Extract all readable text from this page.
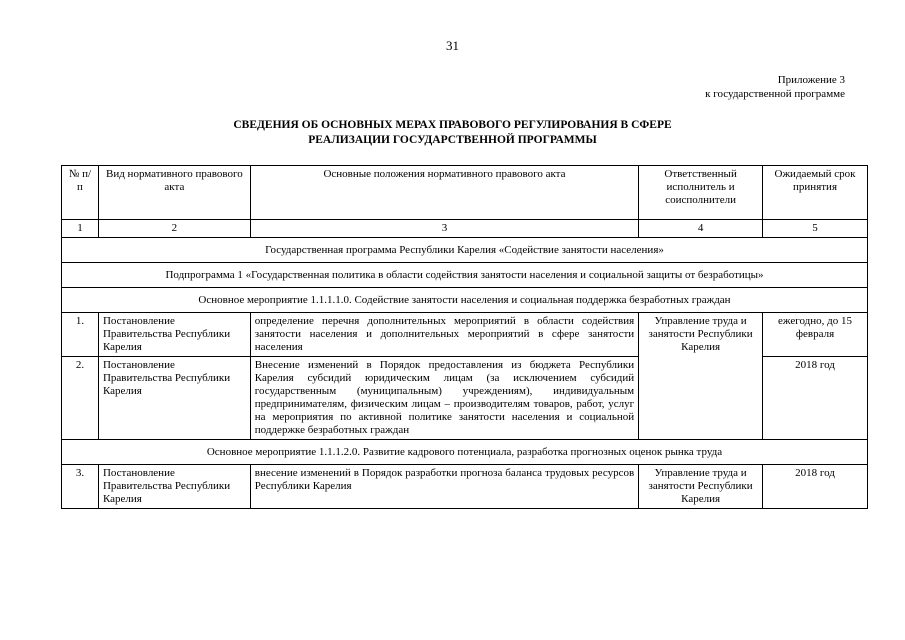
31
Приложение 3
к государственной программе
СВЕДЕНИЯ ОБ ОСНОВНЫХ МЕРАХ ПРАВОВОГО РЕГУЛИРОВАНИЯ В СФЕРЕ
РЕАЛИЗАЦИИ ГОСУДАРСТВЕННОЙ ПРОГРАММЫ
№ п/п	Вид нормативного правового акта	Основные положения нормативного правового акта	Ответственный исполнитель и соисполнители	Ожидаемый срок принятия
1	2	3	4	5
Государственная программа Республики Карелия «Содействие занятости населения»				
Подпрограмма 1 «Государственная политика в области содействия занятости населения и социальной защиты от безработицы»				
Основное мероприятие 1.1.1.1.0. Содействие занятости населения и социальная поддержка безработных граждан				
1.	Постановление Правительства Республики Карелия	определение перечня дополнительных мероприятий в области содействия занятости населения и дополнительных мероприятий в сфере занятости населения	Управление труда и занятости Республики Карелия	ежегодно, до 15 февраля
2.	Постановление Правительства Республики Карелия	Внесение изменений в Порядок предоставления из бюджета Республики Карелия субсидий юридическим лицам (за исключением субсидий государственным (муниципальным) учреждениям), индивидуальным предпринимателям, физическим лицам – производителям товаров, работ, услуг на мероприятия по активной политике занятости населения и социальной поддержке безработных граждан		2018 год
Основное мероприятие 1.1.1.2.0. Развитие кадрового потенциала, разработка прогнозных оценок рынка труда				
3.	Постановление Правительства Республики Карелия	внесение изменений в Порядок разработки прогноза баланса трудовых ресурсов Республики Карелия	Управление труда и занятости Республики Карелия	2018 год
